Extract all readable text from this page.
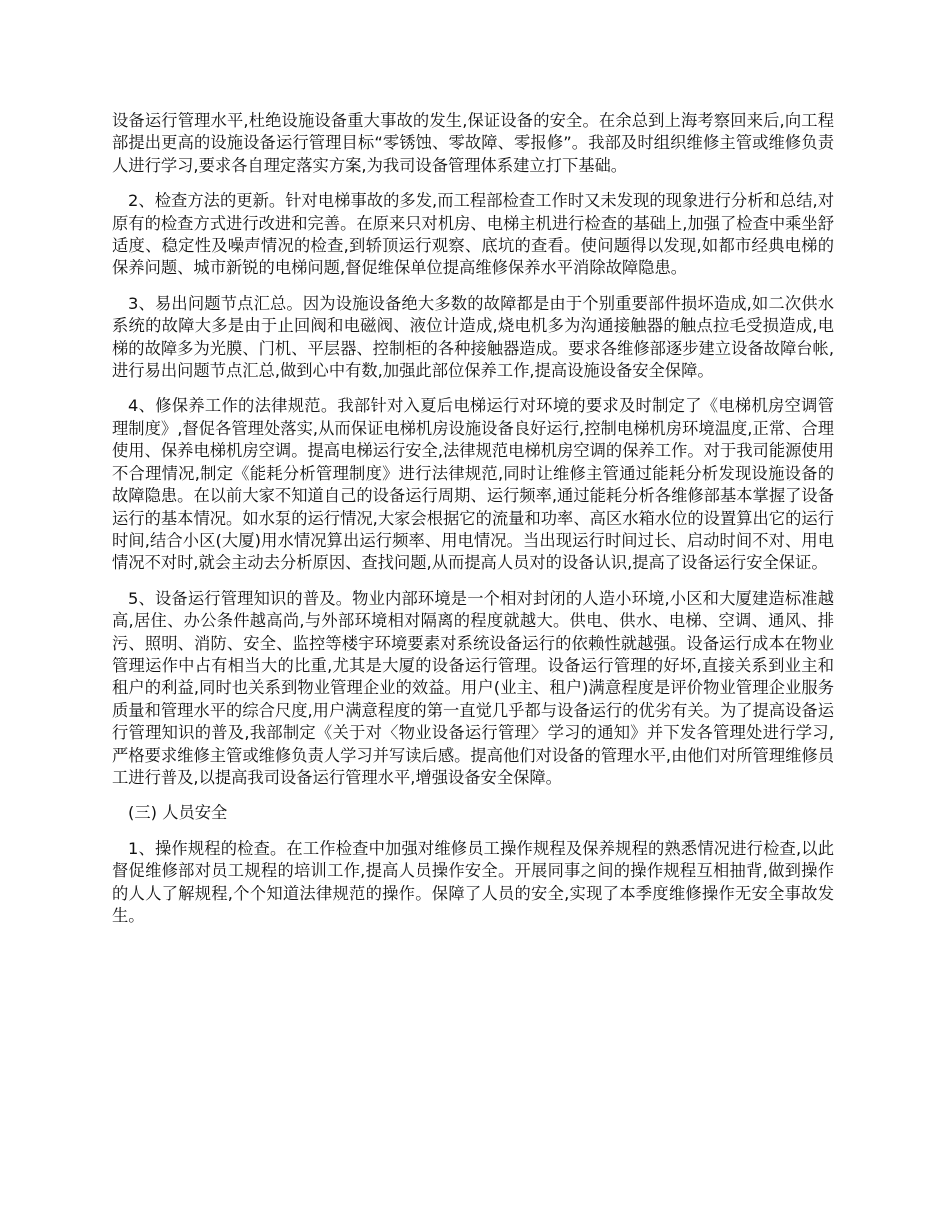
设备运行管理水平,杜绝设施设备重大事故的发生,保证设备的安全。在余总到上海考察回来后,向工程部提出更高的设施设备运行管理目标“零锈蚀、零故障、零报修”。我部及时组织维修主管或维修负责人进行学习,要求各自理定落实方案,为我司设备管理体系建立打下基础。

2、检查方法的更新。针对电梯事故的多发,而工程部检查工作时又未发现的现象进行分析和总结,对原有的检查方式进行改进和完善。在原来只对机房、电梯主机进行检查的基础上,加强了检查中乘坐舒适度、稳定性及噪声情况的检查,到轿顶运行观察、底坑的查看。使问题得以发现,如都市经典电梯的保养问题、城市新锐的电梯问题,督促维保单位提高维修保养水平消除故障隐患。

3、易出问题节点汇总。因为设施设备绝大多数的故障都是由于个别重要部件损坏造成,如二次供水系统的故障大多是由于止回阀和电磁阀、液位计造成,烧电机多为沟通接触器的触点拉毛受损造成,电梯的故障多为光膜、门机、平层器、控制柜的各种接触器造成。要求各维修部逐步建立设备故障台帐,进行易出问题节点汇总,做到心中有数,加强此部位保养工作,提高设施设备安全保障。

4、修保养工作的法律规范。我部针对入夏后电梯运行对环境的要求及时制定了《电梯机房空调管理制度》,督促各管理处落实,从而保证电梯机房设施设备良好运行,控制电梯机房环境温度,正常、合理使用、保养电梯机房空调。提高电梯运行安全,法律规范电梯机房空调的保养工作。对于我司能源使用不合理情况,制定《能耗分析管理制度》进行法律规范,同时让维修主管通过能耗分析发现设施设备的故障隐患。在以前大家不知道自己的设备运行周期、运行频率,通过能耗分析各维修部基本掌握了设备运行的基本情况。如水泵的运行情况,大家会根据它的流量和功率、高区水箱水位的设置算出它的运行时间,结合小区(大厦)用水情况算出运行频率、用电情况。当出现运行时间过长、启动时间不对、用电情况不对时,就会主动去分析原因、查找问题,从而提高人员对的设备认识,提高了设备运行安全保证。

5、设备运行管理知识的普及。物业内部环境是一个相对封闭的人造小环境,小区和大厦建造标准越高,居住、办公条件越高尚,与外部环境相对隔离的程度就越大。供电、供水、电梯、空调、通风、排污、照明、消防、安全、监控等楼宇环境要素对系统设备运行的依赖性就越强。设备运行成本在物业管理运作中占有相当大的比重,尤其是大厦的设备运行管理。设备运行管理的好坏,直接关系到业主和租户的利益,同时也关系到物业管理企业的效益。用户(业主、租户)满意程度是评价物业管理企业服务质量和管理水平的综合尺度,用户满意程度的第一直觉几乎都与设备运行的优劣有关。为了提高设备运行管理知识的普及,我部制定《关于对〈物业设备运行管理〉学习的通知》并下发各管理处进行学习,严格要求维修主管或维修负责人学习并写读后感。提高他们对设备的管理水平,由他们对所管理维修员工进行普及,以提高我司设备运行管理水平,增强设备安全保障。

(三) 人员安全

1、操作规程的检查。在工作检查中加强对维修员工操作规程及保养规程的熟悉情况进行检查,以此督促维修部对员工规程的培训工作,提高人员操作安全。开展同事之间的操作规程互相抽背,做到操作的人人了解规程,个个知道法律规范的操作。保障了人员的安全,实现了本季度维修操作无安全事故发生。
